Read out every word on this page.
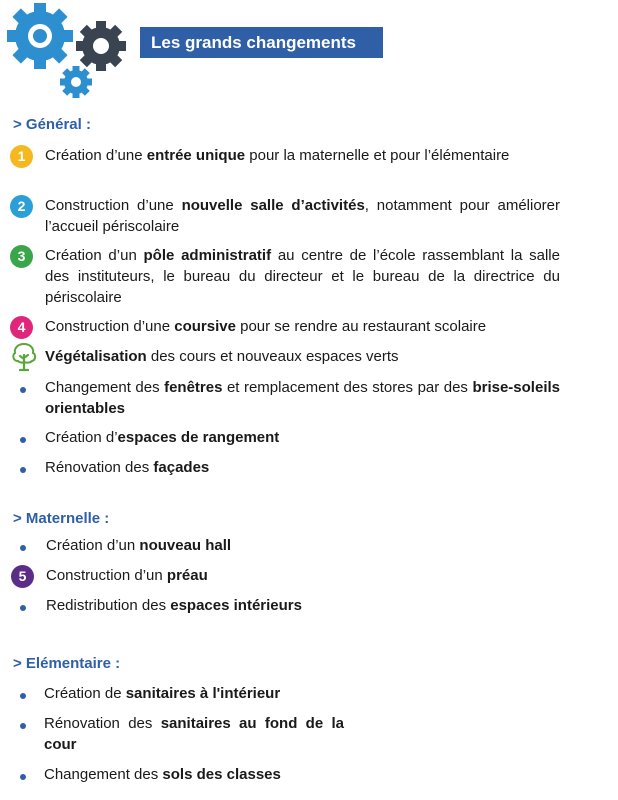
Les grands changements
> Général :
1	Création d’une entrée unique pour la maternelle et pour l’élémentaire
2	Construction d’une nouvelle salle d’activités, notamment pour améliorer l’accueil périscolaire
3	Création d’un pôle administratif au centre de l’école rassemblant la salle des instituteurs, le bureau du directeur et le bureau de la directrice du périscolaire
4	Construction d’une coursive pour se rendre au restaurant scolaire
Végétalisation des cours et nouveaux espaces verts
Changement des fenêtres et remplacement des stores par des brise-soleils orientables
Création d’espaces de rangement
Rénovation des façades
> Maternelle :
Création d’un nouveau hall
5	Construction d’un préau
Redistribution des espaces intérieurs
> Elémentaire :
Création de sanitaires à l'intérieur
Rénovation des sanitaires au fond de la cour
Changement des sols des classes
